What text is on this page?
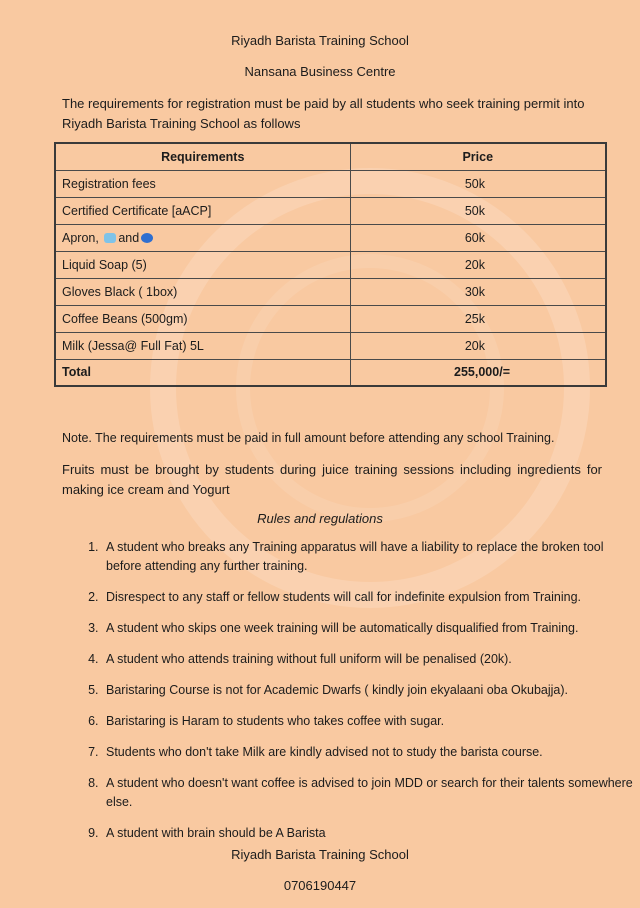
Riyadh Barista Training School
Nansana Business Centre
The requirements for registration must be paid by all students who seek training permit into Riyadh Barista Training School as follows
Requirements	Price
Registration fees	50k
Certified Certificate [aACP]	50k
Apron, and	60k
Liquid Soap (5)	20k
Gloves Black ( 1box)	30k
Coffee Beans (500gm)	25k
Milk (Jessa@ Full Fat) 5L	20k
Total	255,000/=
Note. The requirements must be paid in full amount before attending any school Training.
Fruits must be brought by students during juice training sessions including ingredients for making ice cream and Yogurt
Rules and regulations
1. A student who breaks any Training apparatus will have a liability to replace the broken tool before attending any further training.
2. Disrespect to any staff or fellow students will call for indefinite expulsion from Training.
3. A student who skips one week training will be automatically disqualified from Training.
4. A student who attends training without full uniform will be penalised (20k).
5. Baristaring Course is not for Academic Dwarfs ( kindly join ekyalaani oba Okubajja).
6. Baristaring is Haram to students who takes coffee with sugar.
7. Students who don't take Milk are kindly advised not to study the barista course.
8. A student who doesn't want coffee is advised to join MDD or search for their talents somewhere else.
9. A student with brain should be A Barista
Riyadh Barista Training School
0706190447
